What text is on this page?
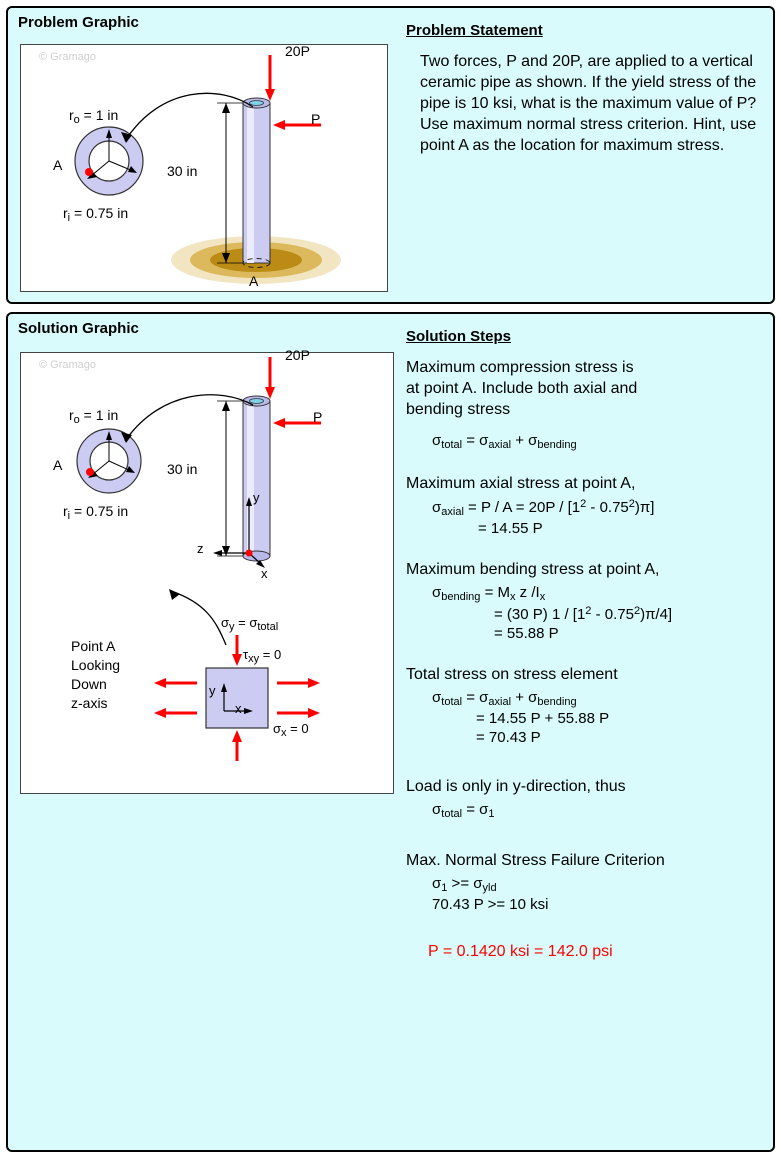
Problem Graphic
© Gramago	20P
P
$r_o = 1$ in
$r_i = 0.75$ in
A
A
30 in
Problem Statement
Two forces, P and 20P, are applied to a vertical ceramic pipe as shown. If the yield stress of the pipe is 10 ksi, what is the maximum value of P? Use maximum normal stress criterion. Hint, use point A as the location for maximum stress.
Solution Graphic
© Gramago
20P
P
$r_o = 1$ in
$r_i = 0.75$ in
A	30 in
y
x
z
Point A
Looking
Down
z-axis
$\sigma_y = \sigma_{total}$
$\tau_{xy} = 0$
$\sigma_x = 0$
y
x
Solution Steps
Maximum compression stress is
at point A. Include both axial and
bending stress
$\sigma_{total} = \sigma_{axial} + \sigma_{bending}$
Maximum axial stress at point A,
$\sigma_{axial} = P / A = 20P / [1^2 - 0.75^2)\pi$]
= 14.55 P
Maximum bending stress at point A,
$\sigma_{bending} = M_x$ z $/I_x$
= (30 P) $1 / [1^2 - 0.75^2)\pi/4$]
= 55.88 P
Total stress on stress element
$\sigma_{total} = \sigma_{axial} + \sigma_{bending}$
= 14.55 P + 55.88 P
= 70.43 P
Load is only in y-direction, thus
$\sigma_{total} = \sigma_1$
Max. Normal Stress Failure Criterion
$\sigma_1 >= \sigma_{yld}$
70.43 P >= 10 ksi
P = 0.1420 ksi = 142.0 psi
